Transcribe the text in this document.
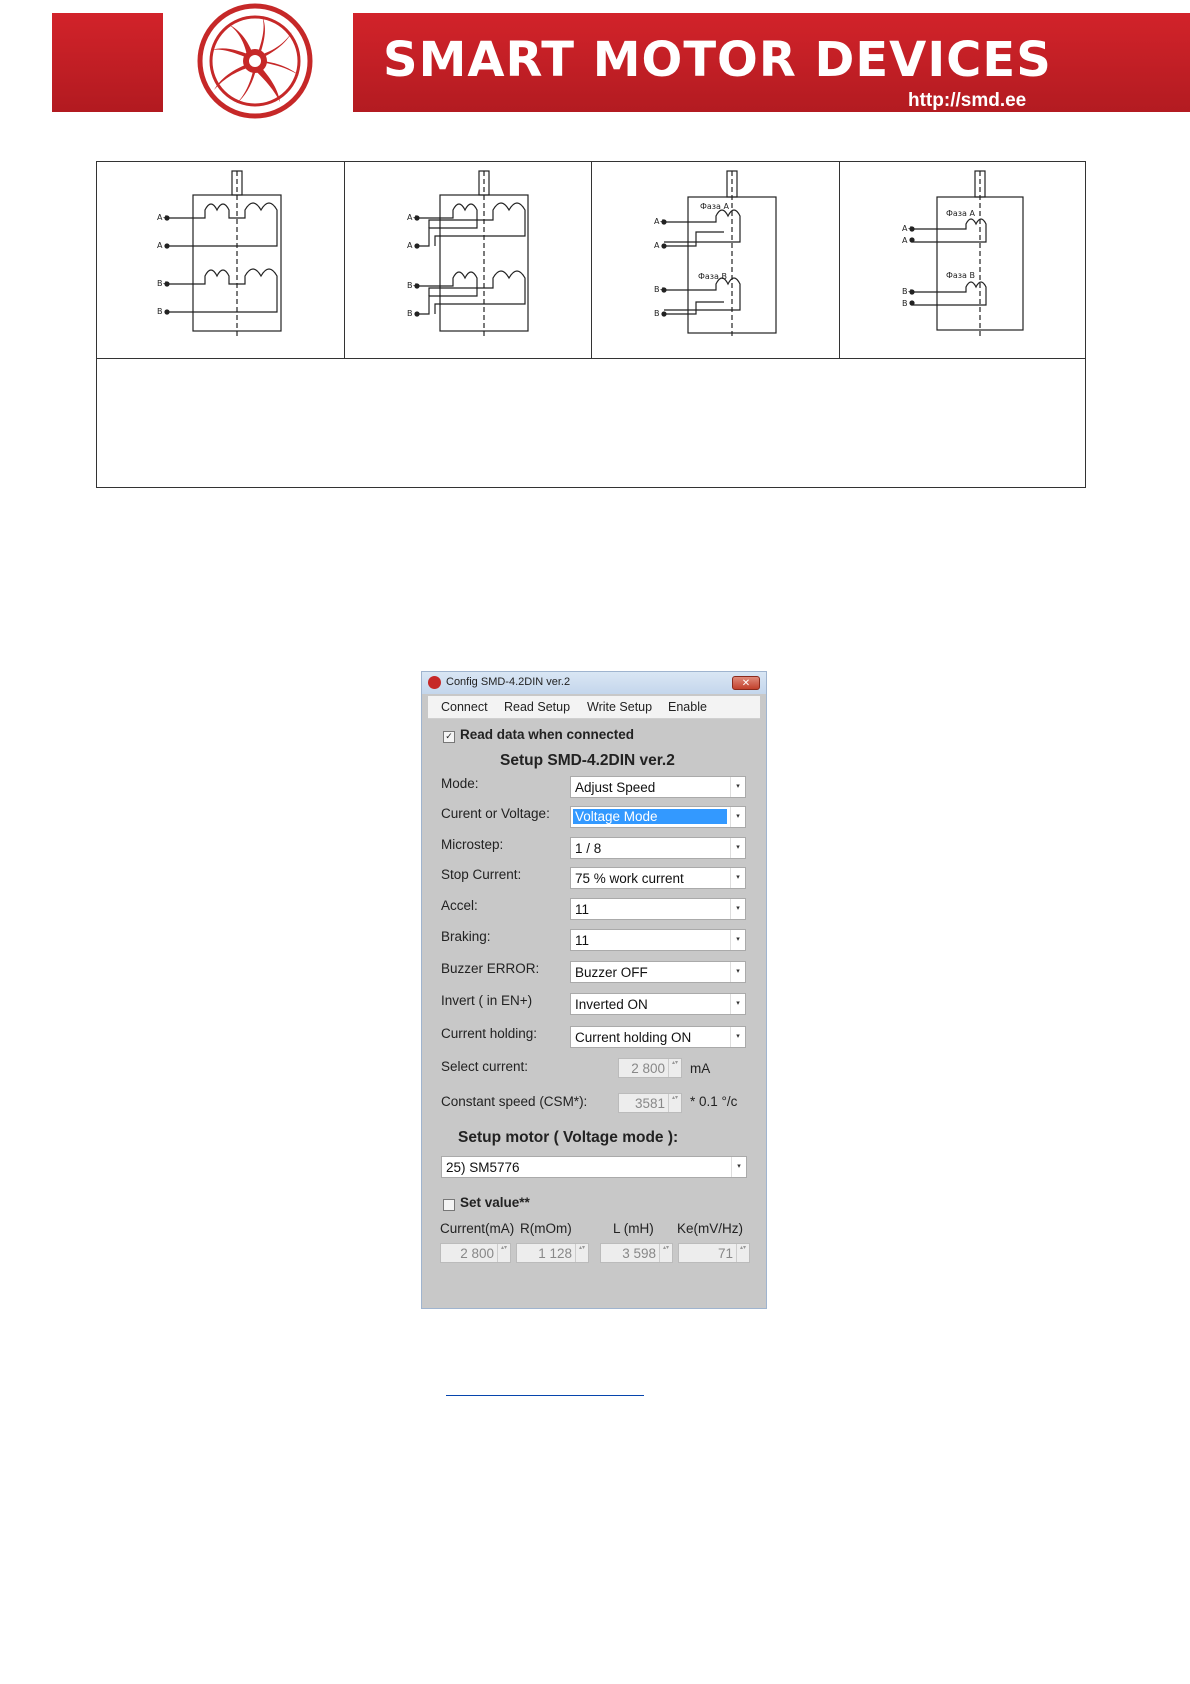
SMART MOTOR DEVICES
http://smd.ee
A+
A
B+
B
A+
A
B+
B
Фаза A
Фаза B
A+
A
B+
B
Фаза A
Фаза B
A+
A
B+
B
Config SMD-4.2DIN ver.2	✕
Connect Read Setup Write Setup Enable
✓ Read data when connected
Setup SMD-4.2DIN ver.2
Mode:	Adjust Speed	▾
Curent or Voltage: Voltage Mode	▾
Microstep:	1 / 8	▾
Stop Current:	75 % work current	▾
Accel:	11	▾
Braking:	11	▾
Buzzer ERROR:	Buzzer OFF	▾
Invert ( in EN+)	Inverted ON	▾
Current holding:	Current holding ON	▾
Select current:	2 800	▴▾ mA
Constant speed (CSM*):	3581	▴▾ * 0.1 °/c
Setup motor ( Voltage mode ):
25) SM5776	▾
Set value**
Current(mA) R(mOm)	L (mH) Ke(mV/Hz)
2 800	▴▾ 1 128	▴▾	3 598	▴▾	71	▴▾
